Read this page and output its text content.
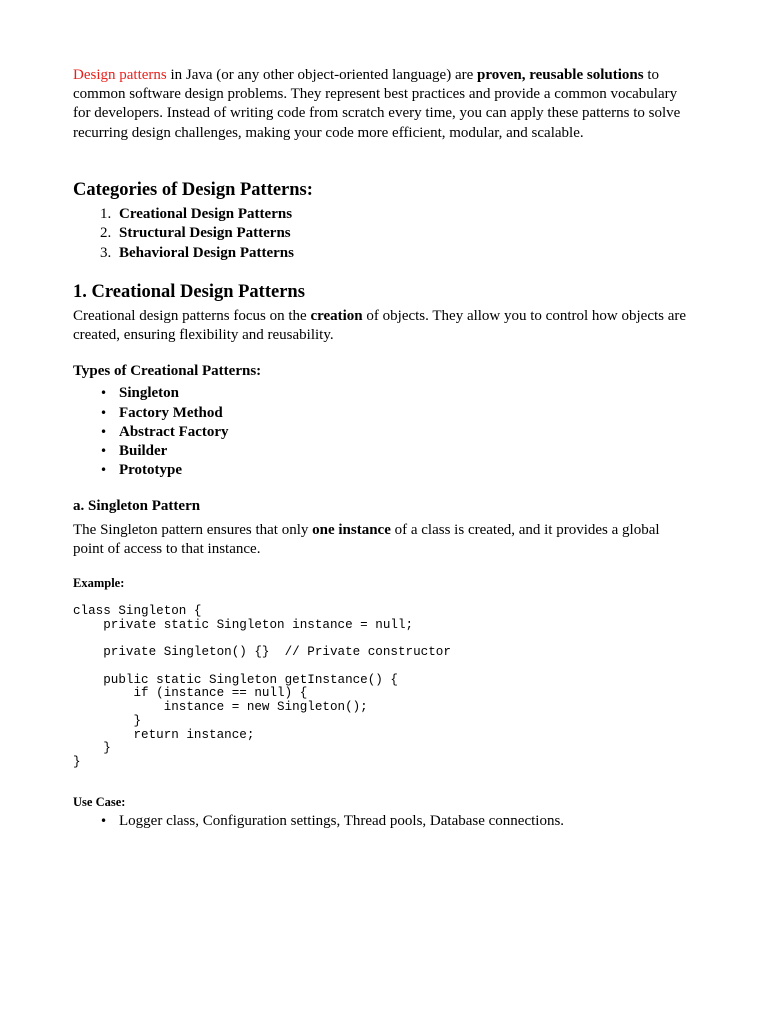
Design patterns in Java (or any other object-oriented language) are proven, reusable solutions to common software design problems. They represent best practices and provide a common vocabulary for developers. Instead of writing code from scratch every time, you can apply these patterns to solve recurring design challenges, making your code more efficient, modular, and scalable.

Categories of Design Patterns:
1. Creational Design Patterns
2. Structural Design Patterns
3. Behavioral Design Patterns
1. Creational Design Patterns

Creational design patterns focus on the creation of objects. They allow you to control how objects are created, ensuring flexibility and reusability.

Types of Creational Patterns:
• Singleton
• Factory Method
• Abstract Factory
• Builder
• Prototype
a. Singleton Pattern

The Singleton pattern ensures that only one instance of a class is created, and it provides a global point of access to that instance.

Example:
class Singleton {
private static Singleton instance = null;

private Singleton() {}  // Private constructor

public static Singleton getInstance() {
if (instance == null) {
instance = new Singleton();
}
return instance;
}
}
Use Case:
• Logger class, Configuration settings, Thread pools, Database connections.
